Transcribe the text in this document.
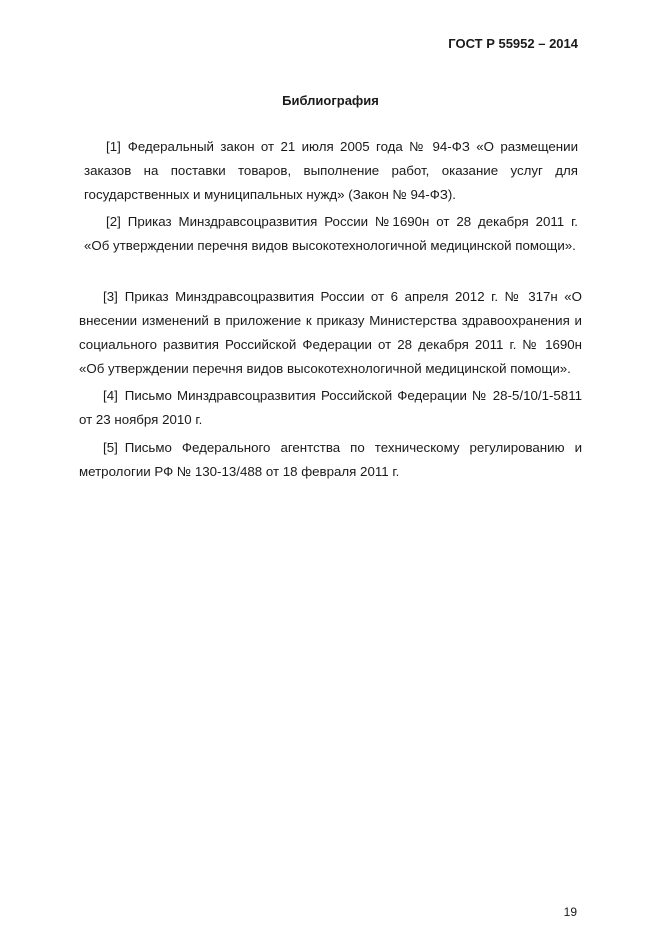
ГОСТ Р 55952 – 2014
Библиография
[1] Федеральный закон от 21 июля 2005 года № 94-ФЗ «О размещении заказов на поставки товаров, выполнение работ, оказание услуг для государственных и муниципальных нужд» (Закон № 94-ФЗ).
[2] Приказ Минздравсоцразвития России №1690н от 28 декабря 2011 г. «Об утверждении перечня видов высокотехнологичной медицинской помощи».
[3] Приказ Минздравсоцразвития России от 6 апреля 2012 г. № 317н «О внесении изменений в приложение к приказу Министерства здравоохранения и социального развития Российской Федерации от 28 декабря 2011 г. № 1690н «Об утверждении перечня видов высокотехнологичной медицинской помощи».
[4] Письмо Минздравсоцразвития Российской Федерации № 28-5/10/1-5811 от 23 ноября 2010 г.
[5] Письмо Федерального агентства по техническому регулированию и метрологии РФ № 130-13/488 от 18 февраля 2011 г.
19
